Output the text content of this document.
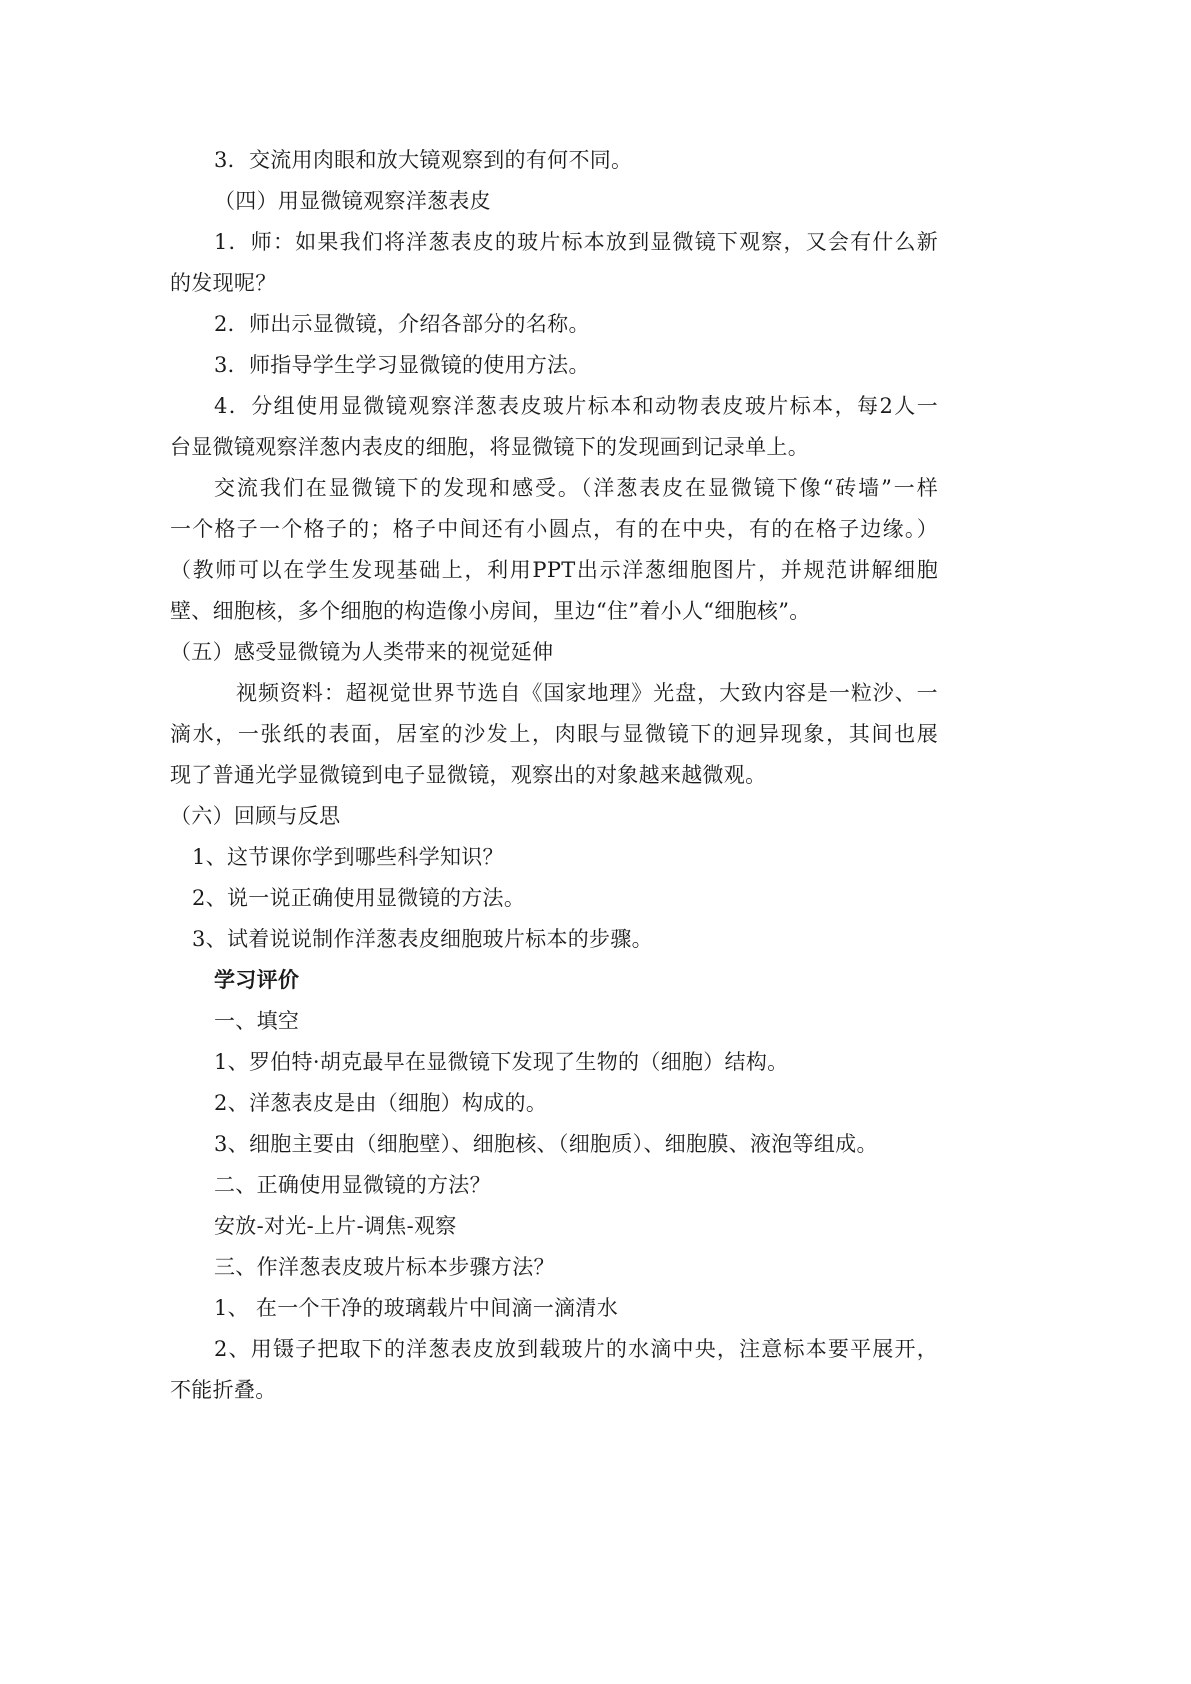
3．交流用肉眼和放大镜观察到的有何不同。
（四）用显微镜观察洋葱表皮
1．师：如果我们将洋葱表皮的玻片标本放到显微镜下观察，又会有什么新
的发现呢？
2．师出示显微镜，介绍各部分的名称。
3．师指导学生学习显微镜的使用方法。
4．分组使用显微镜观察洋葱表皮玻片标本和动物表皮玻片标本，每2人一
台显微镜观察洋葱内表皮的细胞，将显微镜下的发现画到记录单上。
交流我们在显微镜下的发现和感受。（洋葱表皮在显微镜下像“砖墙”一样
一个格子一个格子的；格子中间还有小圆点，有的在中央，有的在格子边缘。）
（教师可以在学生发现基础上，利用PPT出示洋葱细胞图片，并规范讲解细胞
壁、细胞核，多个细胞的构造像小房间，里边“住”着小人“细胞核”。
（五）感受显微镜为人类带来的视觉延伸
视频资料：超视觉世界节选自《国家地理》光盘，大致内容是一粒沙、一
滴水，一张纸的表面，居室的沙发上，肉眼与显微镜下的迥异现象，其间也展
现了普通光学显微镜到电子显微镜，观察出的对象越来越微观。
（六）回顾与反思
1、这节课你学到哪些科学知识？
2、说一说正确使用显微镜的方法。
3、试着说说制作洋葱表皮细胞玻片标本的步骤。
学习评价
一、填空
1、罗伯特·胡克最早在显微镜下发现了生物的（细胞）结构。
2、洋葱表皮是由（细胞）构成的。
3、细胞主要由（细胞壁）、细胞核、（细胞质）、细胞膜、液泡等组成。
二、正确使用显微镜的方法？
安放-对光-上片-调焦-观察
三、作洋葱表皮玻片标本步骤方法？
1、 在一个干净的玻璃载片中间滴一滴清水
2、用镊子把取下的洋葱表皮放到载玻片的水滴中央，注意标本要平展开，
不能折叠。
